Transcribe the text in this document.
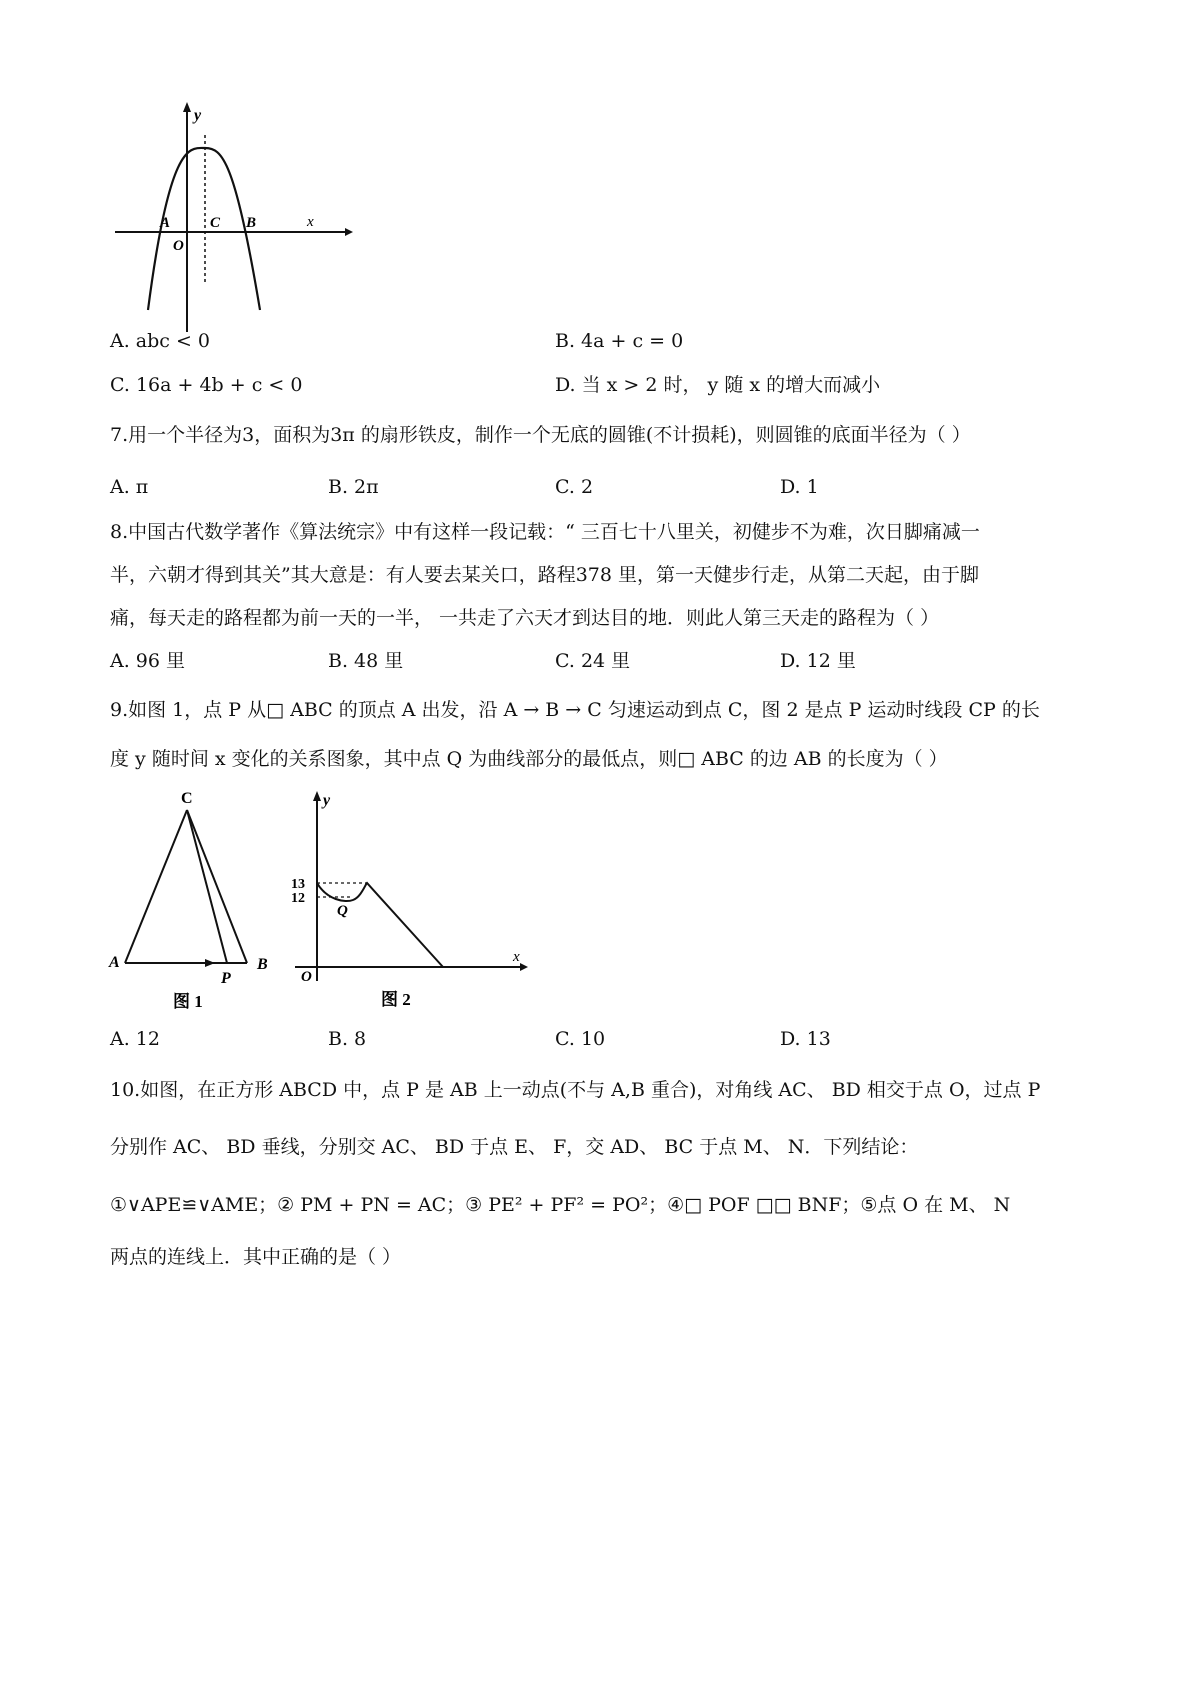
y
x
A
O
C B
A. abc < 0	B. 4a + c = 0
C. 16a + 4b + c < 0	D. 当 x > 2 时， y 随 x 的增大而减小
7.用一个半径为3，面积为3π 的扇形铁皮，制作一个无底的圆锥(不计损耗)，则圆锥的底面半径为（ ）
A. π	B. 2π	C. 2	D. 1
8.中国古代数学著作《算法统宗》中有这样一段记载：“ 三百七十八里关，初健步不为难，次日脚痛减一
半，六朝才得到其关”其大意是：有人要去某关口，路程378 里，第一天健步行走，从第二天起，由于脚
痛，每天走的路程都为前一天的一半， 一共走了六天才到达目的地．则此人第三天走的路程为（ ）
A. 96 里	B. 48 里	C. 24 里	D. 12 里
9.如图 1，点 P 从□ ABC 的顶点 A 出发，沿 A → B → C 匀速运动到点 C，图 2 是点 P 运动时线段 CP 的长
度 y 随时间 x 变化的关系图象，其中点 Q 为曲线部分的最低点，则□ ABC 的边 AB 的长度为（ ）
C
A
P
B
图 1
y
x
O
Q
13
12
图 2
A. 12	B. 8	C. 10	D. 13
10.如图，在正方形 ABCD 中，点 P 是 AB 上一动点(不与 A,B 重合)，对角线 AC、 BD 相交于点 O，过点 P
分别作 AC、 BD 垂线，分别交 AC、 BD 于点 E、 F，交 AD、 BC 于点 M、 N．下列结论：
①∨APE≌∨AME；② PM + PN = AC；③ PE² + PF² = PO²；④□ POF □□ BNF；⑤点 O 在 M、 N
两点的连线上．其中正确的是（ ）
